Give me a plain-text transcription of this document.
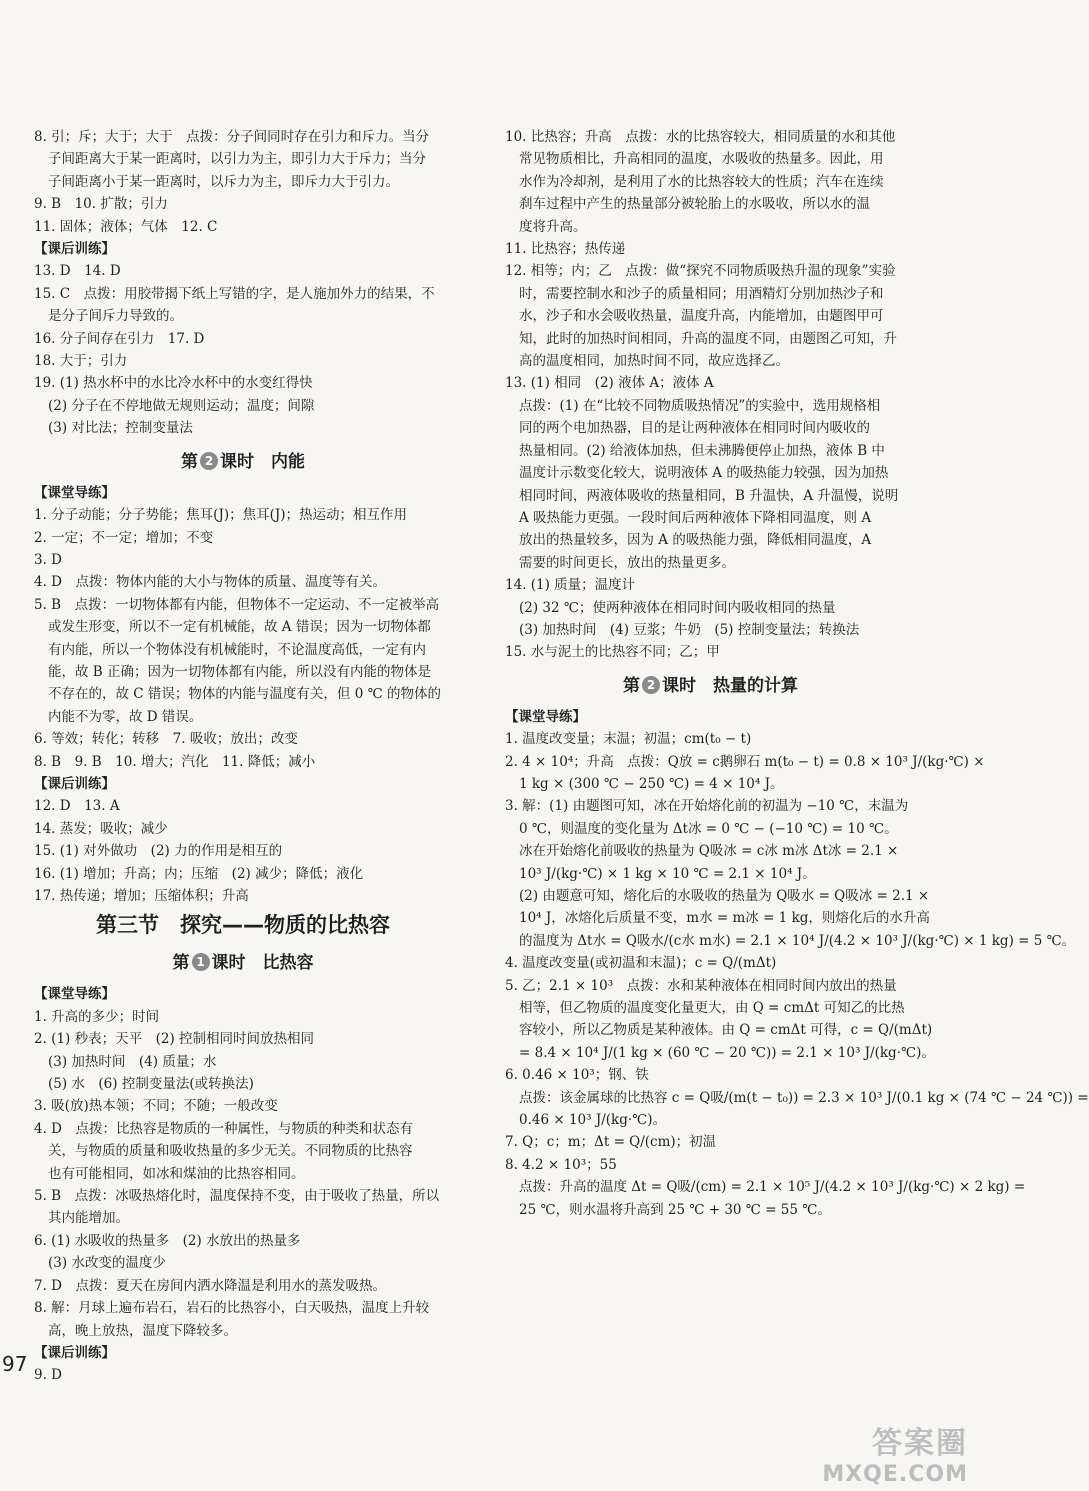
8. 引；斥；大于；大于　点拨：分子间同时存在引力和斥力。当分
子间距离大于某一距离时，以引力为主，即引力大于斥力；当分
子间距离小于某一距离时，以斥力为主，即斥力大于引力。
9. B　10. 扩散；引力
11. 固体；液体；气体　12. C
【课后训练】
13. D　14. D
15. C　点拨：用胶带揭下纸上写错的字，是人施加外力的结果，不
是分子间斥力导致的。
16. 分子间存在引力　17. D
18. 大于；引力
19. (1) 热水杯中的水比冷水杯中的水变红得快
(2) 分子在不停地做无规则运动；温度；间隙
(3) 对比法；控制变量法
第 2 课时　内能
【课堂导练】
1. 分子动能；分子势能；焦耳(J)；焦耳(J)；热运动；相互作用
2. 一定；不一定；增加；不变
3. D
4. D　点拨：物体内能的大小与物体的质量、温度等有关。
5. B　点拨：一切物体都有内能，但物体不一定运动、不一定被举高
或发生形变，所以不一定有机械能，故 A 错误；因为一切物体都
有内能，所以一个物体没有机械能时，不论温度高低，一定有内
能，故 B 正确；因为一切物体都有内能，所以没有内能的物体是
不存在的，故 C 错误；物体的内能与温度有关，但 0 ℃ 的物体的
内能不为零，故 D 错误。
6. 等效；转化；转移　7. 吸收；放出；改变
8. B　9. B　10. 增大；汽化　11. 降低；减小
【课后训练】
12. D　13. A
14. 蒸发；吸收；减少
15. (1) 对外做功　(2) 力的作用是相互的
16. (1) 增加；升高；内；压缩　(2) 减少；降低；液化
17. 热传递；增加；压缩体积；升高
第三节　探究——物质的比热容
第 1 课时　比热容
【课堂导练】
1. 升高的多少；时间
2. (1) 秒表；天平　(2) 控制相同时间放热相同
(3) 加热时间　(4) 质量；水
(5) 水　(6) 控制变量法(或转换法)
3. 吸(放)热本领；不同；不随；一般改变
4. D　点拨：比热容是物质的一种属性，与物质的种类和状态有
关，与物质的质量和吸收热量的多少无关。不同物质的比热容
也有可能相同，如冰和煤油的比热容相同。
5. B　点拨：冰吸热熔化时，温度保持不变，由于吸收了热量，所以
其内能增加。
6. (1) 水吸收的热量多　(2) 水放出的热量多
(3) 水改变的温度少
7. D　点拨：夏天在房间内洒水降温是利用水的蒸发吸热。
8. 解：月球上遍布岩石，岩石的比热容小，白天吸热，温度上升较
高，晚上放热，温度下降较多。
【课后训练】
9. D
10. 比热容；升高　点拨：水的比热容较大，相同质量的水和其他
常见物质相比，升高相同的温度，水吸收的热量多。因此，用
水作为冷却剂，是利用了水的比热容较大的性质；汽车在连续
刹车过程中产生的热量部分被轮胎上的水吸收，所以水的温
度将升高。
11. 比热容；热传递
12. 相等；内；乙　点拨：做“探究不同物质吸热升温的现象”实验
时，需要控制水和沙子的质量相同；用酒精灯分别加热沙子和
水，沙子和水会吸收热量，温度升高，内能增加，由题图甲可
知，此时的加热时间相同，升高的温度不同，由题图乙可知，升
高的温度相同，加热时间不同，故应选择乙。
13. (1) 相同　(2) 液体 A；液体 A
点拨：(1) 在“比较不同物质吸热情况”的实验中，选用规格相
同的两个电加热器，目的是让两种液体在相同时间内吸收的
热量相同。(2) 给液体加热，但未沸腾便停止加热，液体 B 中
温度计示数变化较大，说明液体 A 的吸热能力较强，因为加热
相同时间，两液体吸收的热量相同，B 升温快，A 升温慢，说明
A 吸热能力更强。一段时间后两种液体下降相同温度，则 A
放出的热量较多，因为 A 的吸热能力强，降低相同温度，A
需要的时间更长，放出的热量更多。
14. (1) 质量；温度计
(2) 32 ℃；使两种液体在相同时间内吸收相同的热量
(3) 加热时间　(4) 豆浆；牛奶　(5) 控制变量法；转换法
15. 水与泥土的比热容不同；乙；甲
第 2 课时　热量的计算
【课堂导练】
1. 温度改变量；末温；初温；cm(t₀ − t)
2. 4 × 10⁴；升高　点拨：Q放 = c鹅卵石 m(t₀ − t) = 0.8 × 10³ J/(kg·℃) ×
1 kg × (300 ℃ − 250 ℃) = 4 × 10⁴ J。
3. 解：(1) 由题图可知，冰在开始熔化前的初温为 −10 ℃，末温为
0 ℃，则温度的变化量为 Δt冰 = 0 ℃ − (−10 ℃) = 10 ℃。
冰在开始熔化前吸收的热量为 Q吸冰 = c冰 m冰 Δt冰 = 2.1 ×
10³ J/(kg·℃) × 1 kg × 10 ℃ = 2.1 × 10⁴ J。
(2) 由题意可知，熔化后的水吸收的热量为 Q吸水 = Q吸冰 = 2.1 ×
10⁴ J，冰熔化后质量不变，m水 = m冰 = 1 kg，则熔化后的水升高
的温度为 Δt水 = Q吸水/(c水 m水) = 2.1 × 10⁴ J/(4.2 × 10³ J/(kg·℃) × 1 kg) = 5 ℃。
4. 温度改变量(或初温和末温)；c = Q/(mΔt)
5. 乙；2.1 × 10³　点拨：水和某种液体在相同时间内放出的热量
相等，但乙物质的温度变化量更大，由 Q = cmΔt 可知乙的比热
容较小，所以乙物质是某种液体。由 Q = cmΔt 可得，c = Q/(mΔt)
= 8.4 × 10⁴ J/(1 kg × (60 ℃ − 20 ℃)) = 2.1 × 10³ J/(kg·℃)。
6. 0.46 × 10³；钢、铁
点拨：该金属球的比热容 c = Q吸/(m(t − t₀)) = 2.3 × 10³ J/(0.1 kg × (74 ℃ − 24 ℃)) =
0.46 × 10³ J/(kg·℃)。
7. Q；c；m；Δt = Q/(cm)；初温
8. 4.2 × 10³；55
点拨：升高的温度 Δt = Q吸/(cm) = 2.1 × 10⁵ J/(4.2 × 10³ J/(kg·℃) × 2 kg) =
25 ℃，则水温将升高到 25 ℃ + 30 ℃ = 55 ℃。
97
答案圈
MXQE.COM
